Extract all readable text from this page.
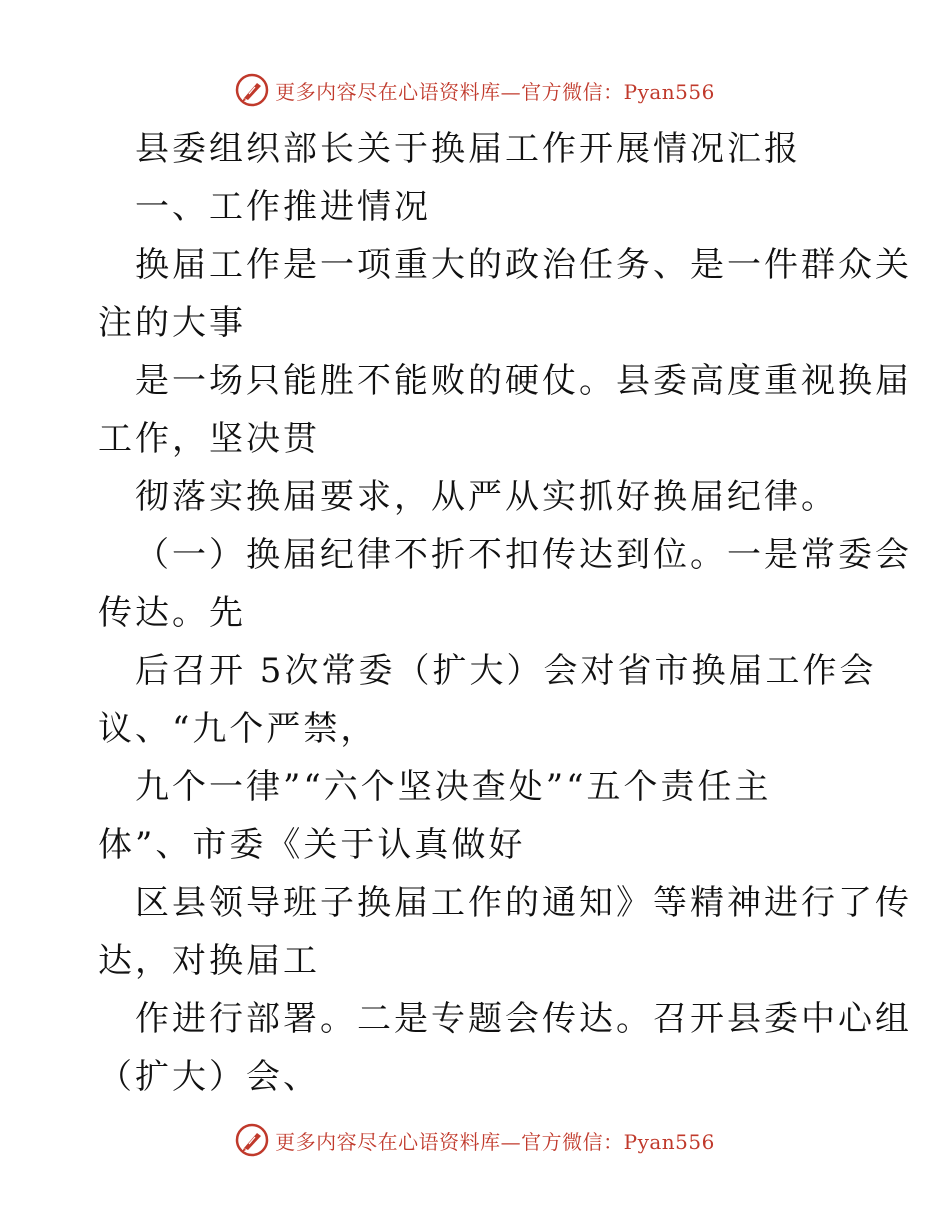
更多内容尽在心语资料库—官方微信：Pyan556
县委组织部长关于换届工作开展情况汇报
一、工作推进情况
换届工作是一项重大的政治任务、是一件群众关
注的大事
是一场只能胜不能败的硬仗。县委高度重视换届
工作，坚决贯
彻落实换届要求，从严从实抓好换届纪律。
（一）换届纪律不折不扣传达到位。一是常委会
传达。先
后召开 5次常委（扩大）会对省市换届工作会
议、“九个严禁，
九个一律”“六个坚决查处”“五个责任主
体”、市委《关于认真做好
区县领导班子换届工作的通知》等精神进行了传
达，对换届工
作进行部署。二是专题会传达。召开县委中心组
（扩大）会、
更多内容尽在心语资料库—官方微信：Pyan556
